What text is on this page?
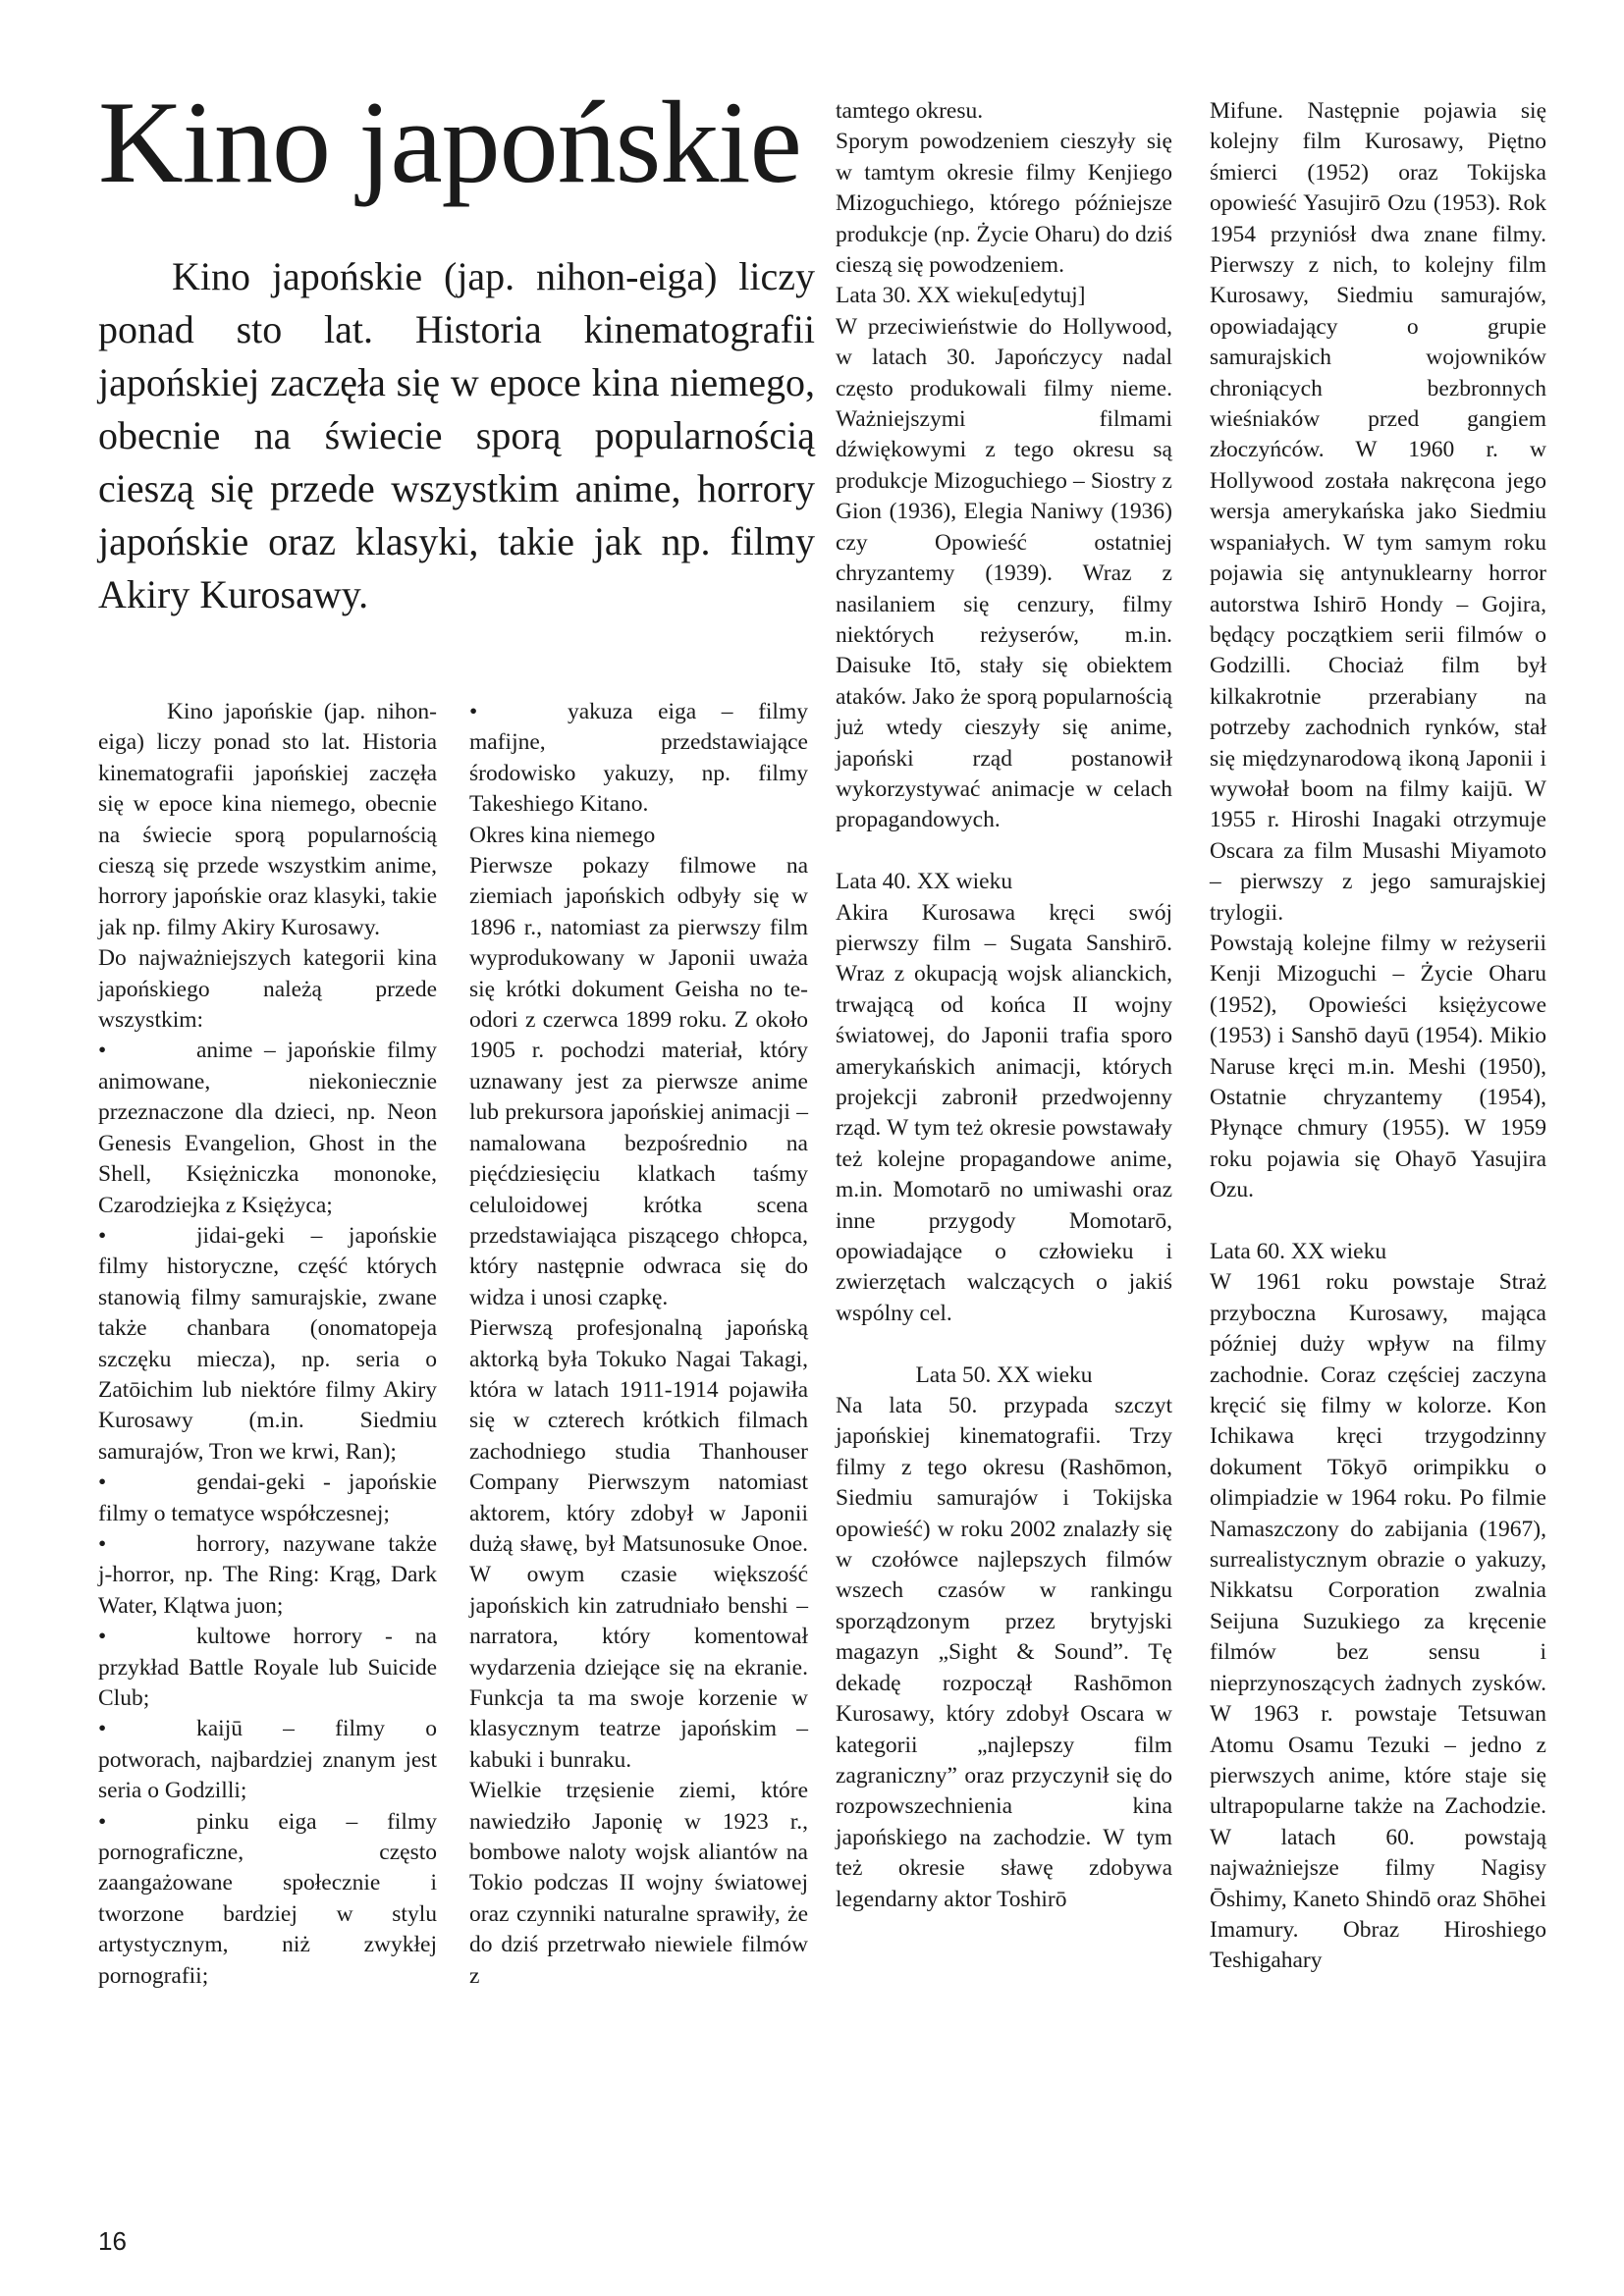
Kino japońskie

Kino japońskie (jap. nihon-eiga) liczy ponad sto lat. Historia kinematografii japońskiej zaczęła się w epoce kina niemego, obecnie na świecie sporą popularnością cieszą się przede wszystkim anime, horrory japońskie oraz klasyki, takie jak np. filmy Akiry Kurosawy.

Kino japońskie (jap. nihon-eiga) liczy ponad sto lat. Historia kinematografii japońskiej zaczęła się w epoce kina niemego, obecnie na świecie sporą popularnością cieszą się przede wszystkim anime, horrory japońskie oraz klasyki, takie jak np. filmy Akiry Kurosawy.

Do najważniejszych kategorii kina japońskiego należą przede wszystkim:

•	anime – japońskie filmy animowane, niekoniecznie przeznaczone dla dzieci, np. Neon Genesis Evangelion, Ghost in the Shell, Księżniczka mononoke, Czarodziejka z Księżyca;

•	jidai-geki – japońskie filmy historyczne, część których stanowią filmy samurajskie, zwane także chanbara (onomatopeja szczęku miecza), np. seria o Zatōichim lub niektóre filmy Akiry Kurosawy (m.in. Siedmiu samurajów, Tron we krwi, Ran);

•	gendai-geki - japońskie filmy o tematyce współczesnej;

•	horrory, nazywane także j-horror, np. The Ring: Krąg, Dark Water, Klątwa juon;

•	kultowe horrory - na przykład Battle Royale lub Suicide Club;

•	kaijū – filmy o potworach, najbardziej znanym jest seria o Godzilli;

•	pinku eiga – filmy pornograficzne, często zaangażowane społecznie i tworzone bardziej w stylu artystycznym, niż zwykłej pornografii;

•	yakuza eiga – filmy mafijne, przedstawiające środowisko yakuzy, np. filmy Takeshiego Kitano.

Okres kina niemego

Pierwsze pokazy filmowe na ziemiach japońskich odbyły się w 1896 r., natomiast za pierwszy film wyprodukowany w Japonii uważa się krótki dokument Geisha no te-odori z czerwca 1899 roku. Z około 1905 r. pochodzi materiał, który uznawany jest za pierwsze anime lub prekursora japońskiej animacji – namalowana bezpośrednio na pięćdziesięciu klatkach taśmy celuloidowej krótka scena przedstawiająca piszącego chłopca, który następnie odwraca się do widza i unosi czapkę.

Pierwszą profesjonalną japońską aktorką była Tokuko Nagai Takagi, która w latach 1911-1914 pojawiła się w czterech krótkich filmach zachodniego studia Thanhouser Company Pierwszym natomiast aktorem, który zdobył w Japonii dużą sławę, był Matsunosuke Onoe. W owym czasie większość japońskich kin zatrudniało benshi – narratora, który komentował wydarzenia dziejące się na ekranie. Funkcja ta ma swoje korzenie w klasycznym teatrze japońskim – kabuki i bunraku.

Wielkie trzęsienie ziemi, które nawiedziło Japonię w 1923 r., bombowe naloty wojsk aliantów na Tokio podczas II wojny światowej oraz czynniki naturalne sprawiły, że do dziś przetrwało niewiele filmów z

tamtego okresu.

Sporym powodzeniem cieszyły się w tamtym okresie filmy Kenjiego Mizoguchiego, którego późniejsze produkcje (np. Życie Oharu) do dziś cieszą się powodzeniem.

Lata 30. XX wieku[edytuj]

W przeciwieństwie do Hollywood, w latach 30. Japończycy nadal często produkowali filmy nieme. Ważniejszymi filmami dźwiękowymi z tego okresu są produkcje Mizoguchiego – Siostry z Gion (1936), Elegia Naniwy (1936) czy Opowieść ostatniej chryzantemy (1939). Wraz z nasilaniem się cenzury, filmy niektórych reżyserów, m.in. Daisuke Itō, stały się obiektem ataków. Jako że sporą popularnością już wtedy cieszyły się anime, japoński rząd postanowił wykorzystywać animacje w celach propagandowych.

Lata 40. XX wieku

Akira Kurosawa kręci swój pierwszy film – Sugata Sanshirō. Wraz z okupacją wojsk alianckich, trwającą od końca II wojny światowej, do Japonii trafia sporo amerykańskich animacji, których projekcji zabronił przedwojenny rząd. W tym też okresie powstawały też kolejne propagandowe anime, m.in. Momotarō no umiwashi oraz inne przygody Momotarō, opowiadające o człowieku i zwierzętach walczących o jakiś wspólny cel.

Lata 50. XX wieku

Na lata 50. przypada szczyt japońskiej kinematografii. Trzy filmy z tego okresu (Rashōmon, Siedmiu samurajów i Tokijska opowieść) w roku 2002 znalazły się w czołówce najlepszych filmów wszech czasów w rankingu sporządzonym przez brytyjski magazyn „Sight & Sound”. Tę dekadę rozpoczął Rashōmon Kurosawy, który zdobył Oscara w kategorii „najlepszy film zagraniczny” oraz przyczynił się do rozpowszechnienia kina japońskiego na zachodzie. W tym też okresie sławę zdobywa legendarny aktor Toshirō

Mifune. Następnie pojawia się kolejny film Kurosawy, Piętno śmierci (1952) oraz Tokijska opowieść Yasujirō Ozu (1953). Rok 1954 przyniósł dwa znane filmy. Pierwszy z nich, to kolejny film Kurosawy, Siedmiu samurajów, opowiadający o grupie samurajskich wojowników chroniących bezbronnych wieśniaków przed gangiem złoczyńców. W 1960 r. w Hollywood została nakręcona jego wersja amerykańska jako Siedmiu wspaniałych. W tym samym roku pojawia się antynuklearny horror autorstwa Ishirō Hondy – Gojira, będący początkiem serii filmów o Godzilli. Chociaż film był kilkakrotnie przerabiany na potrzeby zachodnich rynków, stał się międzynarodową ikoną Japonii i wywołał boom na filmy kaijū. W 1955 r. Hiroshi Inagaki otrzymuje Oscara za film Musashi Miyamoto – pierwszy z jego samurajskiej trylogii.

Powstają kolejne filmy w reżyserii Kenji Mizoguchi – Życie Oharu (1952), Opowieści księżycowe (1953) i Sanshō dayū (1954). Mikio Naruse kręci m.in. Meshi (1950), Ostatnie chryzantemy (1954), Płynące chmury (1955). W 1959 roku pojawia się Ohayō Yasujira Ozu.

Lata 60. XX wieku

W 1961 roku powstaje Straż przyboczna Kurosawy, mająca później duży wpływ na filmy zachodnie. Coraz częściej zaczyna kręcić się filmy w kolorze. Kon Ichikawa kręci trzygodzinny dokument Tōkyō orimpikku o olimpiadzie w 1964 roku. Po filmie Namaszczony do zabijania (1967), surrealistycznym obrazie o yakuzy, Nikkatsu Corporation zwalnia Seijuna Suzukiego za kręcenie filmów bez sensu i nieprzynoszących żadnych zysków. W 1963 r. powstaje Tetsuwan Atomu Osamu Tezuki – jedno z pierwszych anime, które staje się ultrapopularne także na Zachodzie. W latach 60. powstają najważniejsze filmy Nagisy Ōshimy, Kaneto Shindō oraz Shōhei Imamury. Obraz Hiroshiego Teshigahary

16
